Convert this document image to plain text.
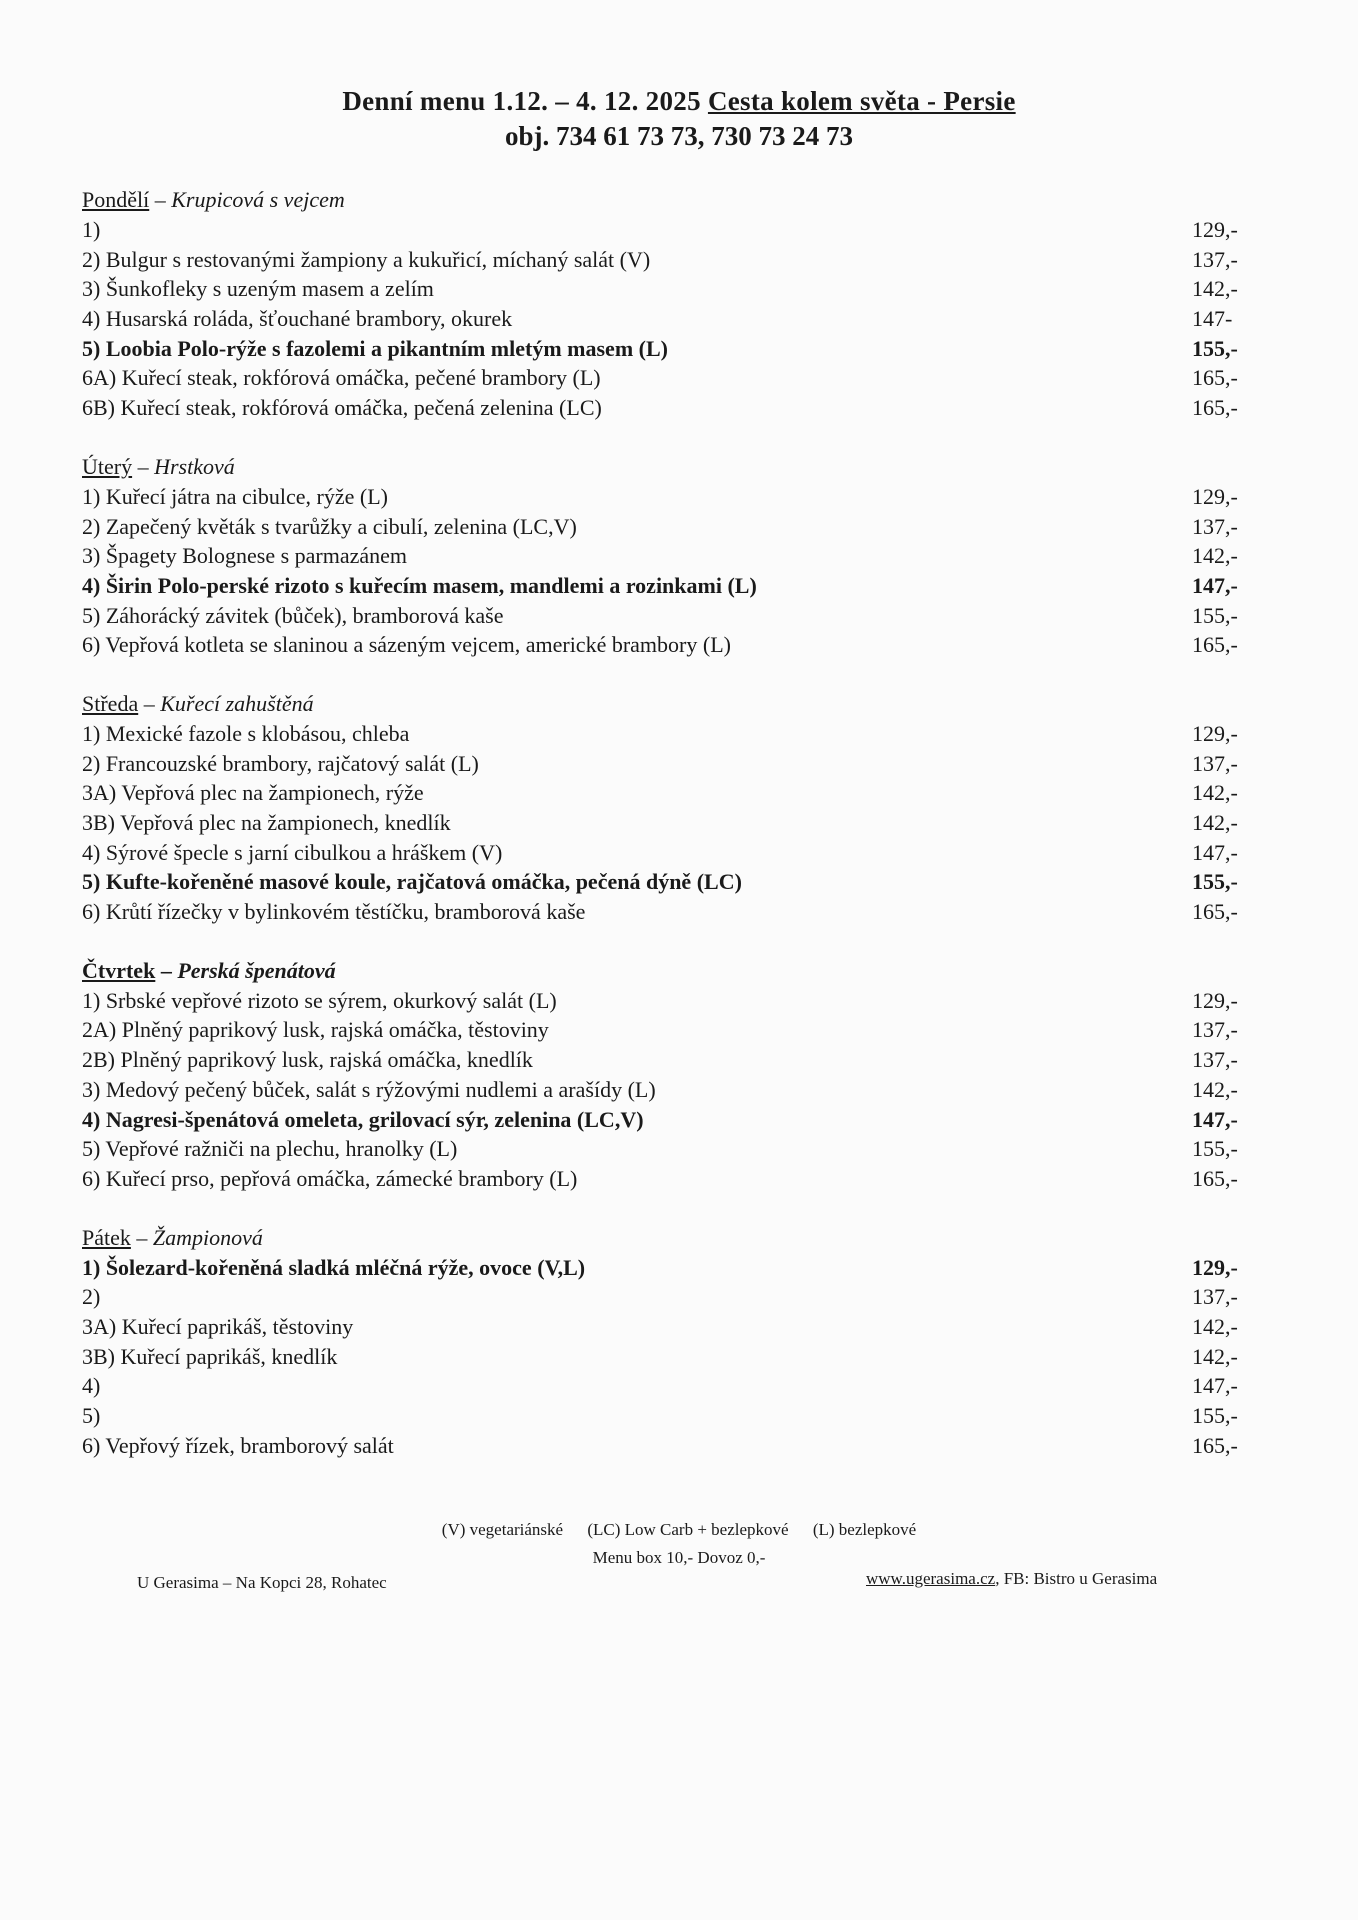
Denní menu 1.12. – 4. 12. 2025 Cesta kolem světa - Persie
obj. 734 61 73 73, 730 73 24 73
Pondělí – Krupicová s vejcem
1)	129,-
2) Bulgur s restovanými žampiony a kukuřicí, míchaný salát (V)	137,-
3) Šunkofleky s uzeným masem a zelím	142,-
4) Husarská roláda, šťouchané brambory, okurek	147-
5) Loobia Polo-rýže s fazolemi a pikantním mletým masem (L)	155,-
6A) Kuřecí steak, rokfórová omáčka, pečené brambory (L)	165,-
6B) Kuřecí steak, rokfórová omáčka, pečená zelenina (LC)	165,-
Úterý – Hrstková
1) Kuřecí játra na cibulce, rýže (L)	129,-
2) Zapečený květák s tvarůžky a cibulí, zelenina (LC,V)	137,-
3) Špagety Bolognese s parmazánem	142,-
4) Širin Polo-perské rizoto s kuřecím masem, mandlemi a rozinkami (L)	147,-
5) Záhorácký závitek (bůček), bramborová kaše	155,-
6) Vepřová kotleta se slaninou a sázeným vejcem, americké brambory (L)	165,-
Středa – Kuřecí zahuštěná
1) Mexické fazole s klobásou, chleba	129,-
2) Francouzské brambory, rajčatový salát (L)	137,-
3A) Vepřová plec na žampionech, rýže	142,-
3B) Vepřová plec na žampionech, knedlík	142,-
4) Sýrové špecle s jarní cibulkou a hráškem (V)	147,-
5) Kufte-kořeněné masové koule, rajčatová omáčka, pečená dýně (LC)	155,-
6) Krůtí řízečky v bylinkovém těstíčku, bramborová kaše	165,-
Čtvrtek – Perská špenátová
1) Srbské vepřové rizoto se sýrem, okurkový salát (L)	129,-
2A) Plněný paprikový lusk, rajská omáčka, těstoviny	137,-
2B) Plněný paprikový lusk, rajská omáčka, knedlík	137,-
3) Medový pečený bůček, salát s rýžovými nudlemi a arašídy (L)	142,-
4) Nagresi-špenátová omeleta, grilovací sýr, zelenina (LC,V)	147,-
5) Vepřové ražniči na plechu, hranolky (L)	155,-
6) Kuřecí prso, pepřová omáčka, zámecké brambory (L)	165,-
Pátek – Žampionová
1) Šolezard-kořeněná sladká mléčná rýže, ovoce (V,L)	129,-
2)	137,-
3A) Kuřecí paprikáš, těstoviny	142,-
3B) Kuřecí paprikáš, knedlík	142,-
4)	147,-
5)	155,-
6) Vepřový řízek, bramborový salát	165,-
(V) vegetariánské (LC) Low Carb + bezlepkové (L) bezlepkové
Menu box 10,- Dovoz 0,-
U Gerasima – Na Kopci 28, Rohatec	www.ugerasima.cz, FB: Bistro u Gerasima
